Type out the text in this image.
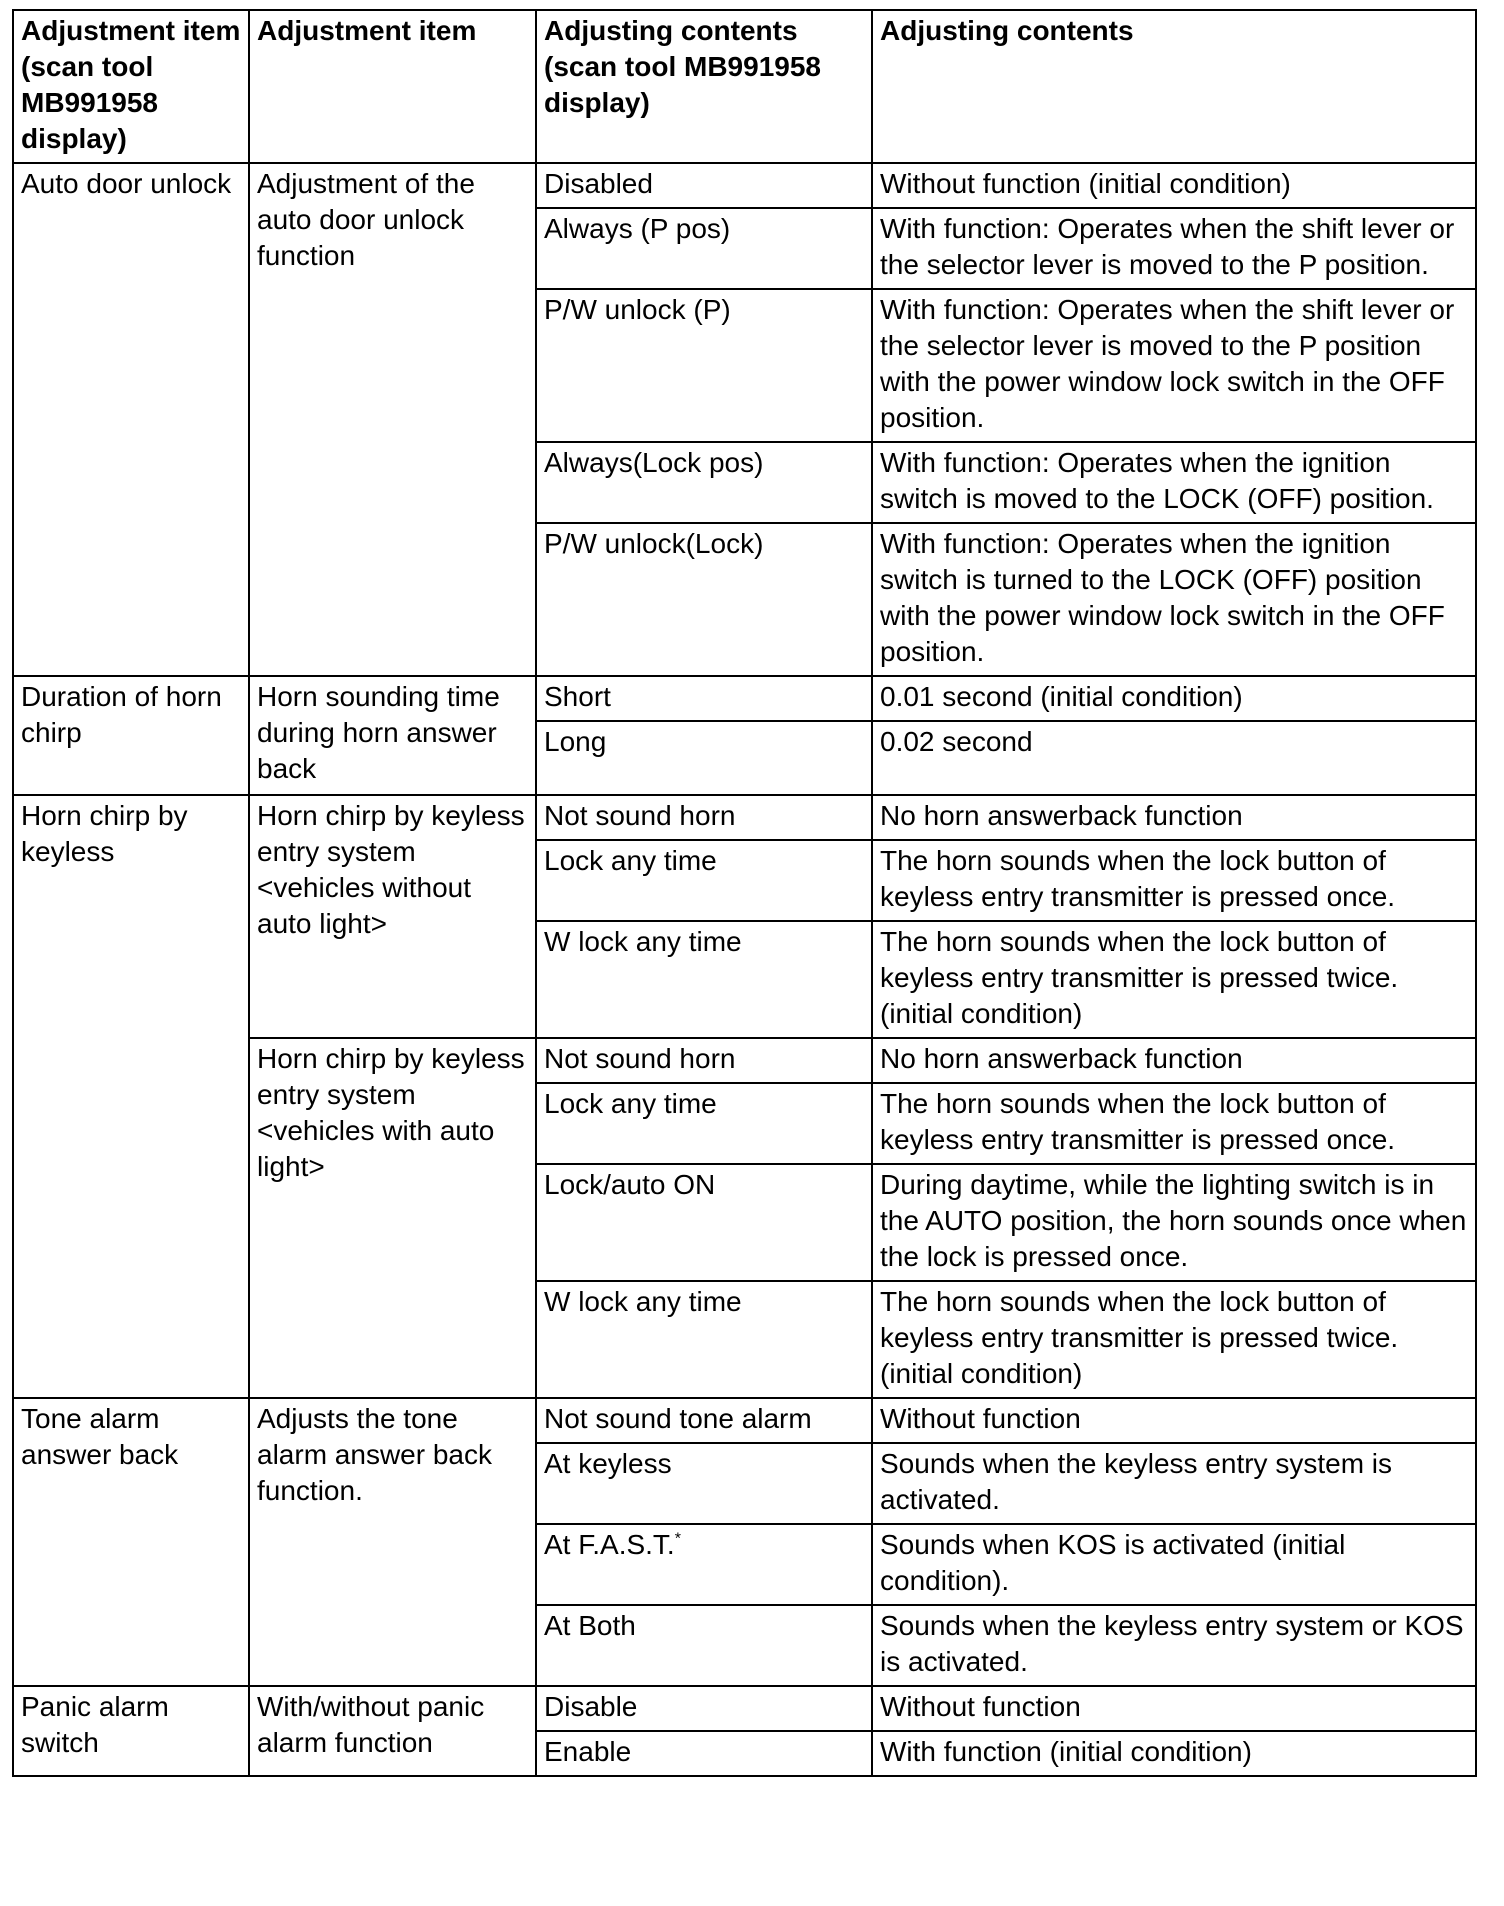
Adjustment item (scan tool MB991958 display)	Adjustment item	Adjusting contents (scan tool MB991958 display)	Adjusting contents
Auto door unlock	Adjustment of the auto door unlock function	Disabled	Without function (initial condition)
		Always (P pos)	With function: Operates when the shift lever or the selector lever is moved to the P position.
		P/W unlock (P)	With function: Operates when the shift lever or the selector lever is moved to the P position with the power window lock switch in the OFF position.
		Always(Lock pos)	With function: Operates when the ignition switch is moved to the LOCK (OFF) position.
		P/W unlock(Lock)	With function: Operates when the ignition switch is turned to the LOCK (OFF) position with the power window lock switch in the OFF position.
Duration of horn chirp	Horn sounding time during horn answer back	Short	0.01 second (initial condition)
		Long	0.02 second
Horn chirp by keyless	Horn chirp by keyless entry system <vehicles without auto light>	Not sound horn	No horn answerback function
		Lock any time	The horn sounds when the lock button of keyless entry transmitter is pressed once.
		W lock any time	The horn sounds when the lock button of keyless entry transmitter is pressed twice. (initial condition)
	Horn chirp by keyless entry system <vehicles with auto light>	Not sound horn	No horn answerback function
		Lock any time	The horn sounds when the lock button of keyless entry transmitter is pressed once.
		Lock/auto ON	During daytime, while the lighting switch is in the AUTO position, the horn sounds once when the lock is pressed once.
		W lock any time	The horn sounds when the lock button of keyless entry transmitter is pressed twice. (initial condition)
Tone alarm answer back	Adjusts the tone alarm answer back function.	Not sound tone alarm	Without function
		At keyless	Sounds when the keyless entry system is activated.
		At F.A.S.T.*	Sounds when KOS is activated (initial condition).
		At Both	Sounds when the keyless entry system or KOS is activated.
Panic alarm switch	With/without panic alarm function	Disable	Without function
		Enable	With function (initial condition)
